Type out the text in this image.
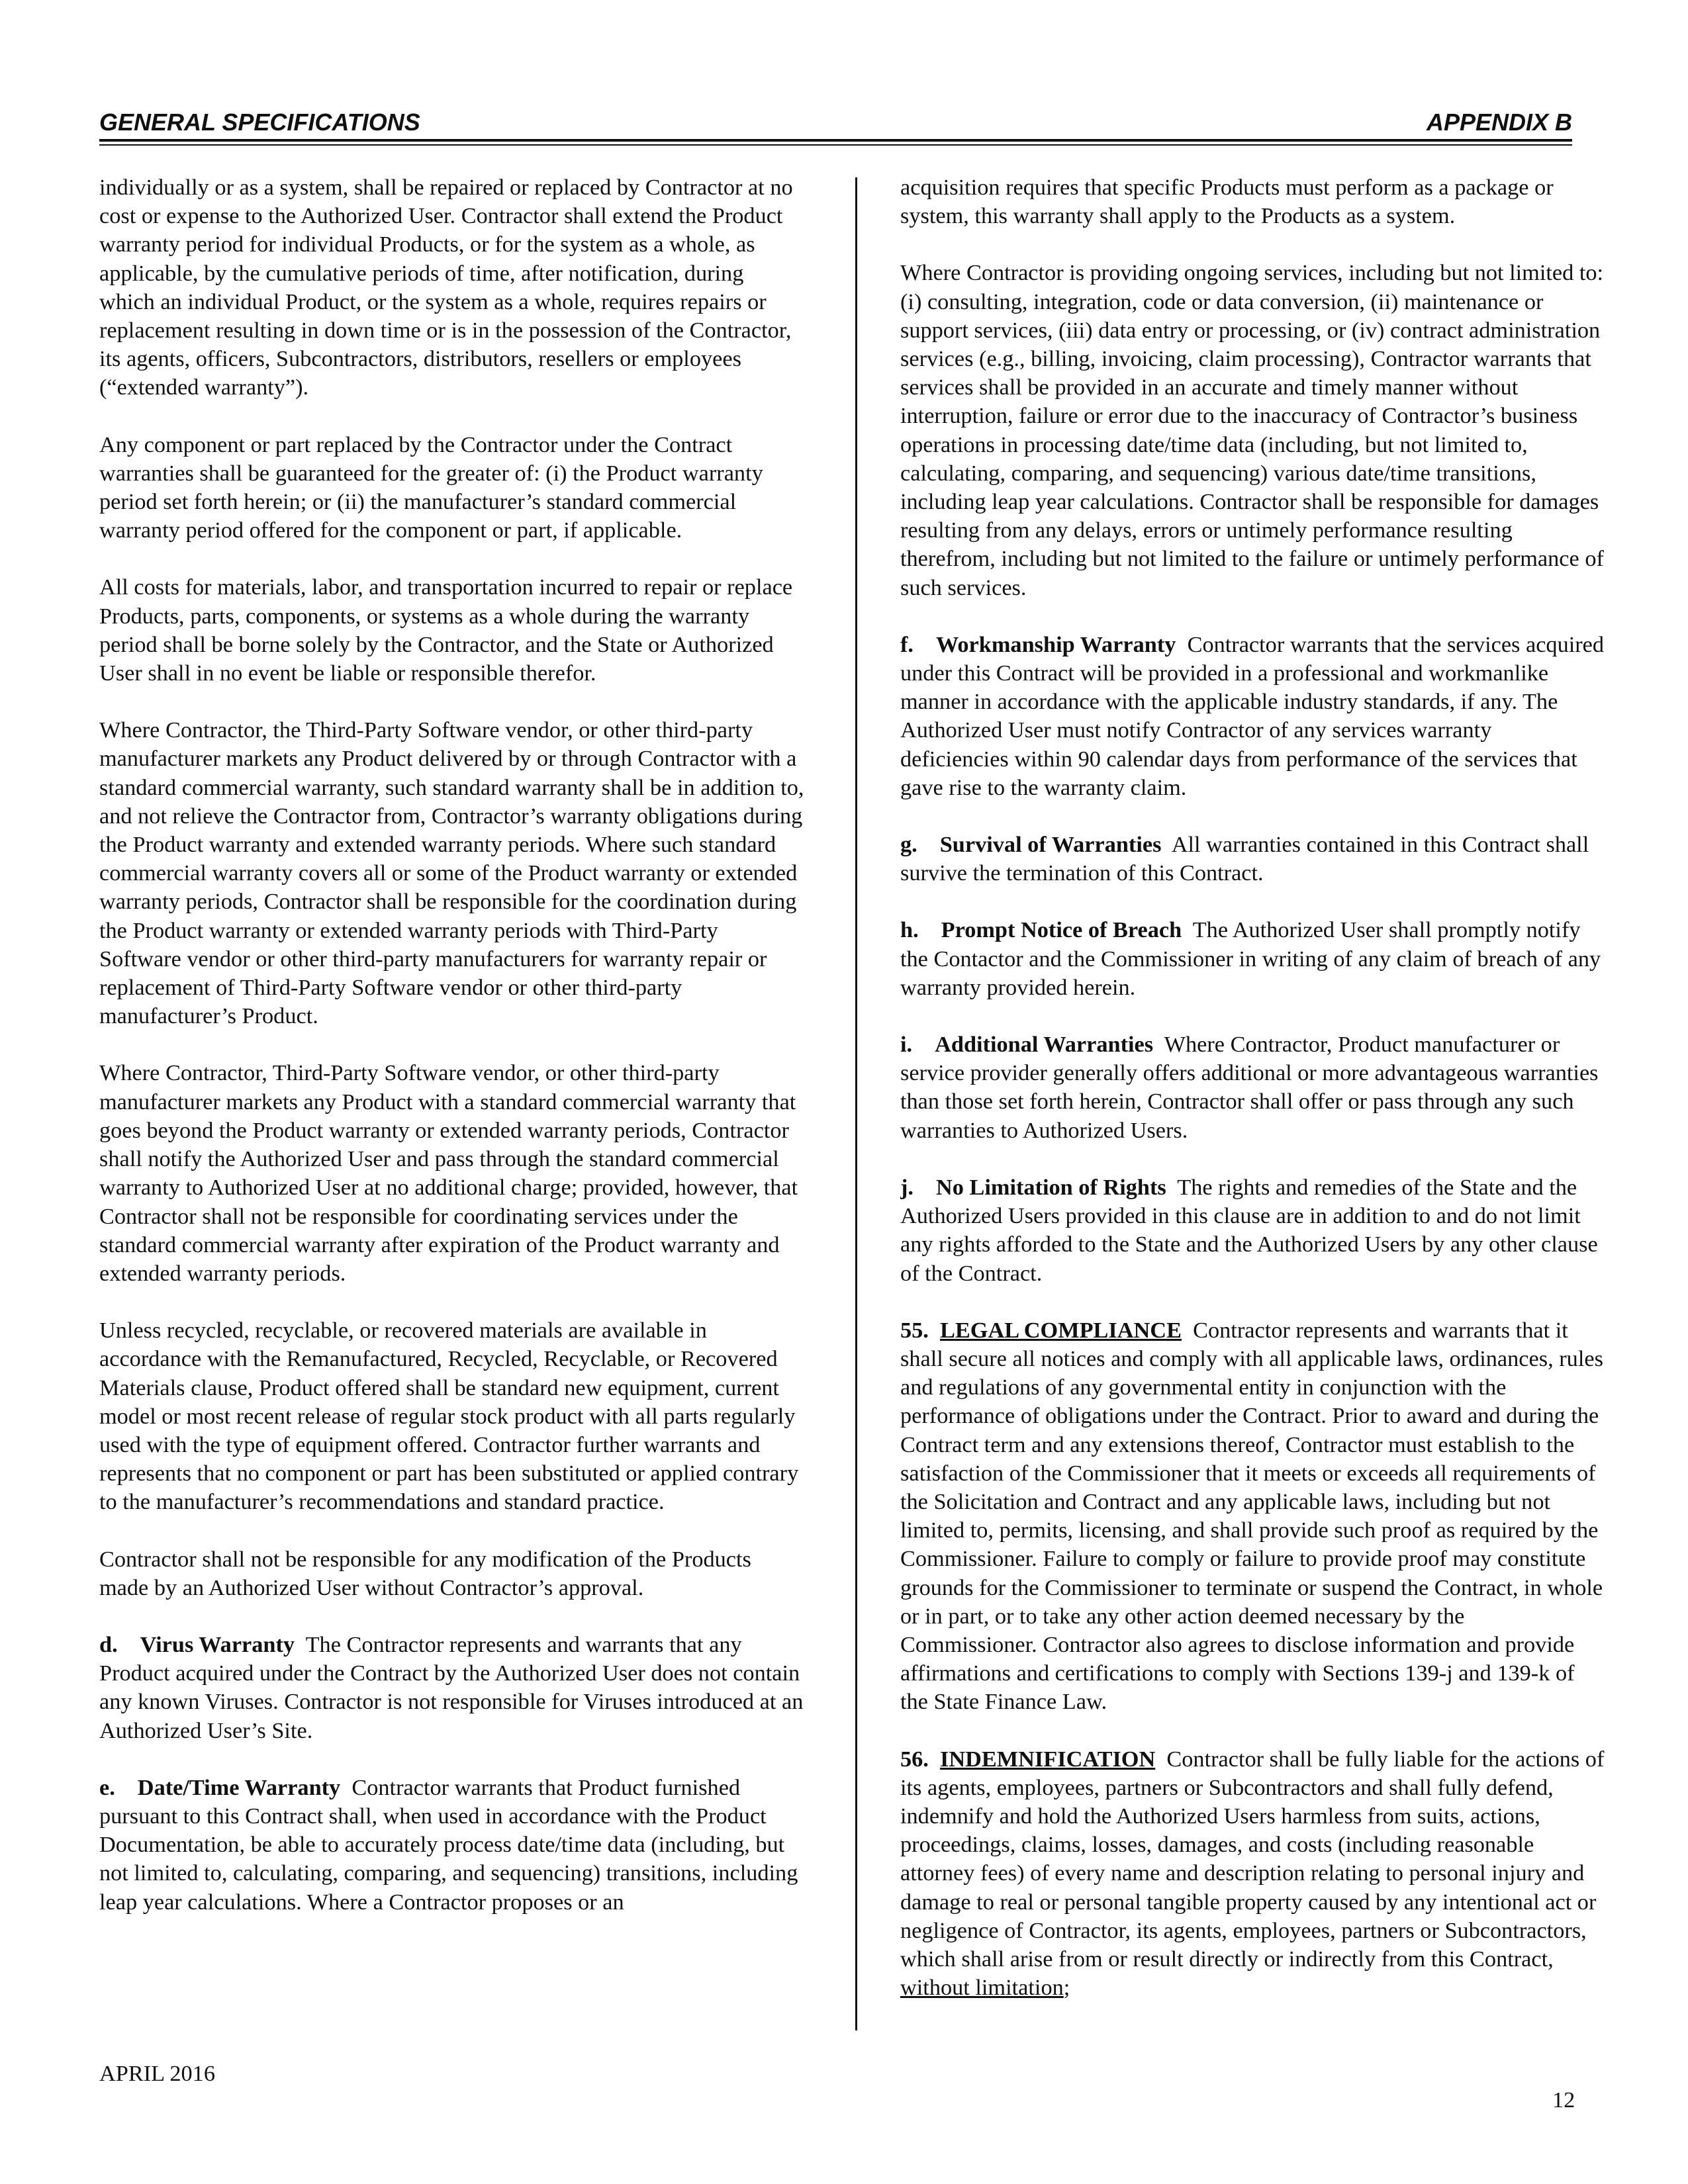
GENERAL SPECIFICATIONS	APPENDIX B

individually or as a system, shall be repaired or replaced by Contractor at no cost or expense to the Authorized User. Contractor shall extend the Product warranty period for individual Products, or for the system as a whole, as applicable, by the cumulative periods of time, after notification, during which an individual Product, or the system as a whole, requires repairs or replacement resulting in down time or is in the possession of the Contractor, its agents, officers, Subcontractors, distributors, resellers or employees (“extended warranty”).

Any component or part replaced by the Contractor under the Contract warranties shall be guaranteed for the greater of: (i) the Product warranty period set forth herein; or (ii) the manufacturer’s standard commercial warranty period offered for the component or part, if applicable.

All costs for materials, labor, and transportation incurred to repair or replace Products, parts, components, or systems as a whole during the warranty period shall be borne solely by the Contractor, and the State or Authorized User shall in no event be liable or responsible therefor.

Where Contractor, the Third-Party Software vendor, or other third-party manufacturer markets any Product delivered by or through Contractor with a standard commercial warranty, such standard warranty shall be in addition to, and not relieve the Contractor from, Contractor’s warranty obligations during the Product warranty and extended warranty periods. Where such standard commercial warranty covers all or some of the Product warranty or extended warranty periods, Contractor shall be responsible for the coordination during the Product warranty or extended warranty periods with Third-Party Software vendor or other third-party manufacturers for warranty repair or replacement of Third-Party Software vendor or other third-party manufacturer’s Product.

Where Contractor, Third-Party Software vendor, or other third-party manufacturer markets any Product with a standard commercial warranty that goes beyond the Product warranty or extended warranty periods, Contractor shall notify the Authorized User and pass through the standard commercial warranty to Authorized User at no additional charge; provided, however, that Contractor shall not be responsible for coordinating services under the standard commercial warranty after expiration of the Product warranty and extended warranty periods.

Unless recycled, recyclable, or recovered materials are available in accordance with the Remanufactured, Recycled, Recyclable, or Recovered Materials clause, Product offered shall be standard new equipment, current model or most recent release of regular stock product with all parts regularly used with the type of equipment offered. Contractor further warrants and represents that no component or part has been substituted or applied contrary to the manufacturer’s recommendations and standard practice.

Contractor shall not be responsible for any modification of the Products made by an Authorized User without Contractor’s approval.

d. Virus Warranty The Contractor represents and warrants that any Product acquired under the Contract by the Authorized User does not contain any known Viruses. Contractor is not responsible for Viruses introduced at an Authorized User’s Site.

e. Date/Time Warranty Contractor warrants that Product furnished pursuant to this Contract shall, when used in accordance with the Product Documentation, be able to accurately process date/time data (including, but not limited to, calculating, comparing, and sequencing) transitions, including leap year calculations. Where a Contractor proposes or an

acquisition requires that specific Products must perform as a package or system, this warranty shall apply to the Products as a system.

Where Contractor is providing ongoing services, including but not limited to: (i) consulting, integration, code or data conversion, (ii) maintenance or support services, (iii) data entry or processing, or (iv) contract administration services (e.g., billing, invoicing, claim processing), Contractor warrants that services shall be provided in an accurate and timely manner without interruption, failure or error due to the inaccuracy of Contractor’s business operations in processing date/time data (including, but not limited to, calculating, comparing, and sequencing) various date/time transitions, including leap year calculations. Contractor shall be responsible for damages resulting from any delays, errors or untimely performance resulting therefrom, including but not limited to the failure or untimely performance of such services.

f. Workmanship Warranty Contractor warrants that the services acquired under this Contract will be provided in a professional and workmanlike manner in accordance with the applicable industry standards, if any. The Authorized User must notify Contractor of any services warranty deficiencies within 90 calendar days from performance of the services that gave rise to the warranty claim.

g. Survival of Warranties All warranties contained in this Contract shall survive the termination of this Contract.

h. Prompt Notice of Breach The Authorized User shall promptly notify the Contactor and the Commissioner in writing of any claim of breach of any warranty provided herein.

i. Additional Warranties Where Contractor, Product manufacturer or service provider generally offers additional or more advantageous warranties than those set forth herein, Contractor shall offer or pass through any such warranties to Authorized Users.

j. No Limitation of Rights The rights and remedies of the State and the Authorized Users provided in this clause are in addition to and do not limit any rights afforded to the State and the Authorized Users by any other clause of the Contract.

55. LEGAL COMPLIANCE Contractor represents and warrants that it shall secure all notices and comply with all applicable laws, ordinances, rules and regulations of any governmental entity in conjunction with the performance of obligations under the Contract. Prior to award and during the Contract term and any extensions thereof, Contractor must establish to the satisfaction of the Commissioner that it meets or exceeds all requirements of the Solicitation and Contract and any applicable laws, including but not limited to, permits, licensing, and shall provide such proof as required by the Commissioner. Failure to comply or failure to provide proof may constitute grounds for the Commissioner to terminate or suspend the Contract, in whole or in part, or to take any other action deemed necessary by the Commissioner. Contractor also agrees to disclose information and provide affirmations and certifications to comply with Sections 139-j and 139-k of the State Finance Law.

56. INDEMNIFICATION Contractor shall be fully liable for the actions of its agents, employees, partners or Subcontractors and shall fully defend, indemnify and hold the Authorized Users harmless from suits, actions, proceedings, claims, losses, damages, and costs (including reasonable attorney fees) of every name and description relating to personal injury and damage to real or personal tangible property caused by any intentional act or negligence of Contractor, its agents, employees, partners or Subcontractors, which shall arise from or result directly or indirectly from this Contract, without limitation;

APRIL 2016
12
